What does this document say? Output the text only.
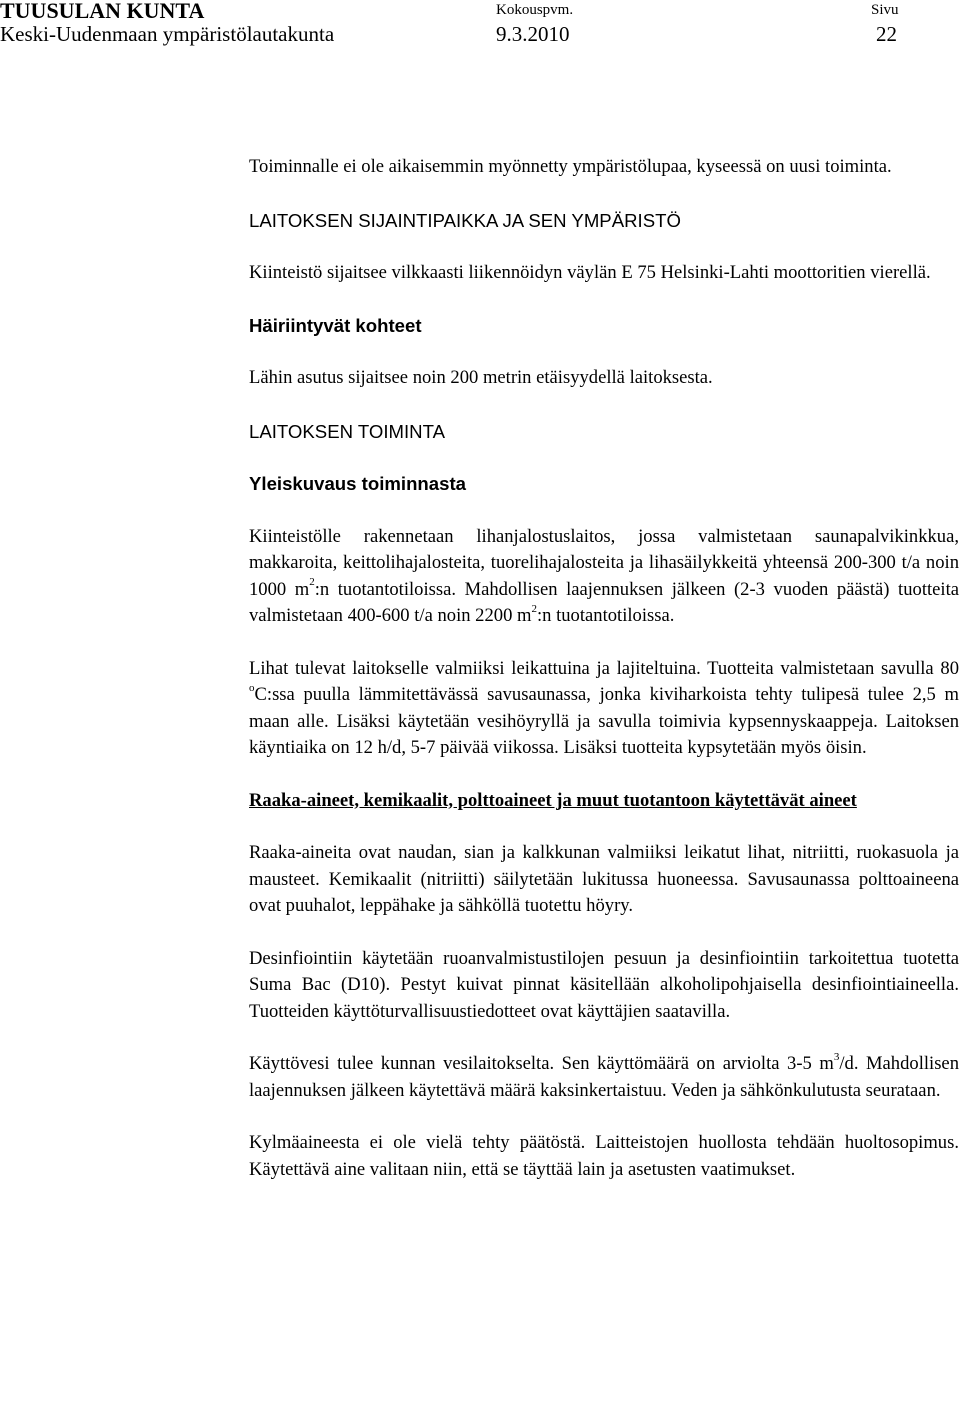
TUUSULAN KUNTA
Keski-Uudenmaan ympäristölautakunta
Kokouspvm.
9.3.2010
Sivu
22

Toiminnalle ei ole aikaisemmin myönnetty ympäristölupaa, kyseessä on uusi toiminta.

LAITOKSEN SIJAINTIPAIKKA JA SEN YMPÄRISTÖ

Kiinteistö sijaitsee vilkkaasti liikennöidyn väylän E 75 Helsinki-Lahti moottoritien vierellä.

Häiriintyvät kohteet

Lähin asutus sijaitsee noin 200 metrin etäisyydellä laitoksesta.

LAITOKSEN TOIMINTA

Yleiskuvaus toiminnasta

Kiinteistölle rakennetaan lihanjalostuslaitos, jossa valmistetaan saunapalvikinkkua, makkaroita, keittolihajalosteita, tuorelihajalosteita ja lihasäilykkeitä yhteensä 200-300 t/a noin 1000 $m^2:n$ tuotantotiloissa. Mahdollisen laajennuksen jälkeen (2-3 vuoden päästä) tuotteita valmistetaan 400-600 t/a noin 2200 $m^2:n$ tuotantotiloissa.

Lihat tulevat laitokselle valmiiksi leikattuina ja lajiteltuina. Tuotteita valmistetaan savulla 80 $^o$C:ssa puulla lämmitettävässä savusaunassa, jonka kiviharkoista tehty tulipesä tulee 2,5 m maan alle. Lisäksi käytetään vesihöyryllä ja savulla toimivia kypsennyskaappeja. Laitoksen käyntiaika on 12 h/d, 5-7 päivää viikossa. Lisäksi tuotteita kypsytetään myös öisin.

Raaka-aineet, kemikaalit, polttoaineet ja muut tuotantoon käytettävät aineet

Raaka-aineita ovat naudan, sian ja kalkkunan valmiiksi leikatut lihat, nitriitti, ruokasuola ja mausteet. Kemikaalit (nitriitti) säilytetään lukitussa huoneessa. Savusaunassa polttoaineena ovat puuhalot, leppähake ja sähköllä tuotettu höyry.

Desinfiointiin käytetään ruoanvalmistustilojen pesuun ja desinfiointiin tarkoitettua tuotetta Suma Bac (D10). Pestyt kuivat pinnat käsitellään alkoholipohjaisella desinfiointiaineella. Tuotteiden käyttöturvallisuustiedotteet ovat käyttäjien saatavilla.

Käyttövesi tulee kunnan vesilaitokselta. Sen käyttömäärä on arviolta 3-5 $m^3/d$. Mahdollisen laajennuksen jälkeen käytettävä määrä kaksinkertaistuu. Veden ja sähkönkulutusta seurataan.

Kylmäaineesta ei ole vielä tehty päätöstä. Laitteistojen huollosta tehdään huoltosopimus. Käytettävä aine valitaan niin, että se täyttää lain ja asetusten vaatimukset.
